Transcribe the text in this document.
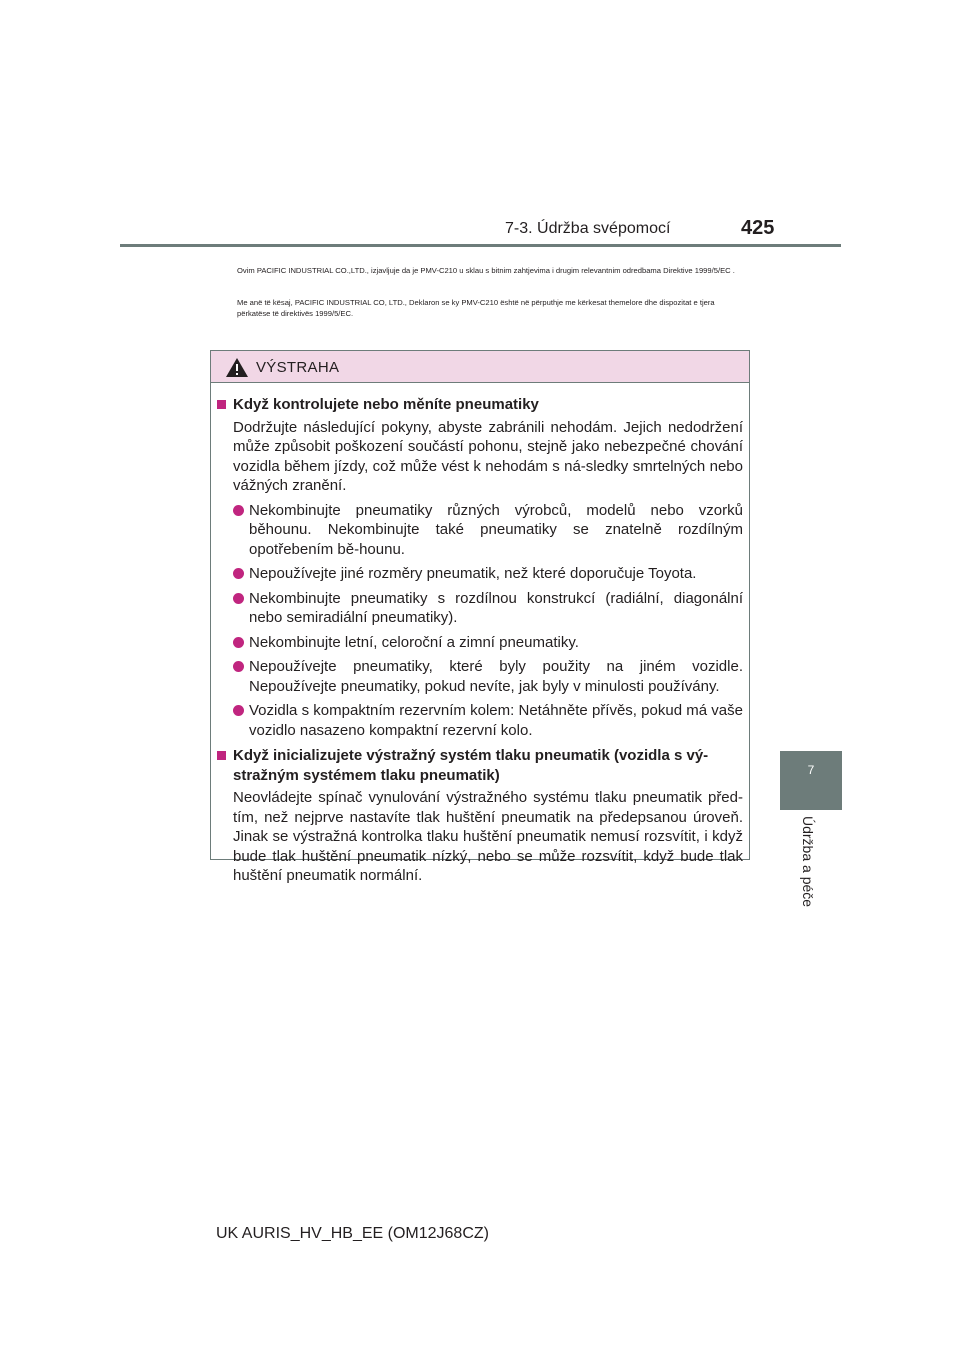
7-3. Údržba svépomocí	425
7
Údržba a péče

Ovim PACIFIC INDUSTRIAL CO.,LTD., izjavljuje da je PMV-C210 u sklau s bitnim zahtjevima i drugim relevantnim odredbama Direktive 1999/5/EC .

Me anë të kësaj, PACIFIC INDUSTRIAL CO, LTD., Deklaron se ky PMV-C210 është në përputhje me kërkesat themelore dhe dispozitat e tjera përkatëse të direktivës 1999/5/EC.

VÝSTRAHA
Když kontrolujete nebo měníte pneumatiky

Dodržujte následující pokyny, abyste zabránili nehodám. Jejich nedodržení může způsobit poškození součástí pohonu, stejně jako nebezpečné chování vozidla během jízdy, což může vést k nehodám s ná-sledky smrtelných nebo vážných zranění.

Nekombinujte pneumatiky různých výrobců, modelů nebo vzorků běhounu. Nekombinujte také pneumatiky se znatelně rozdílným opotřebením bě-hounu.
Nepoužívejte jiné rozměry pneumatik, než které doporučuje Toyota.
Nekombinujte pneumatiky s rozdílnou konstrukcí (radiální, diagonální nebo semiradiální pneumatiky).
Nekombinujte letní, celoroční a zimní pneumatiky.
Nepoužívejte pneumatiky, které byly použity na jiném vozidle. Nepoužívejte pneumatiky, pokud nevíte, jak byly v minulosti používány.
Vozidla s kompaktním rezervním kolem: Netáhněte přívěs, pokud má vaše vozidlo nasazeno kompaktní rezervní kolo.
Když inicializujete výstražný systém tlaku pneumatik (vozidla s vý-stražným systémem tlaku pneumatik)

Neovládejte spínač vynulování výstražného systému tlaku pneumatik před-tím, než nejprve nastavíte tlak huštění pneumatik na předepsanou úroveň. Jinak se výstražná kontrolka tlaku huštění pneumatik nemusí rozsvítit, i když bude tlak huštění pneumatik nízký, nebo se může rozsvítit, když bude tlak huštění pneumatik normální.

UK AURIS_HV_HB_EE (OM12J68CZ)
